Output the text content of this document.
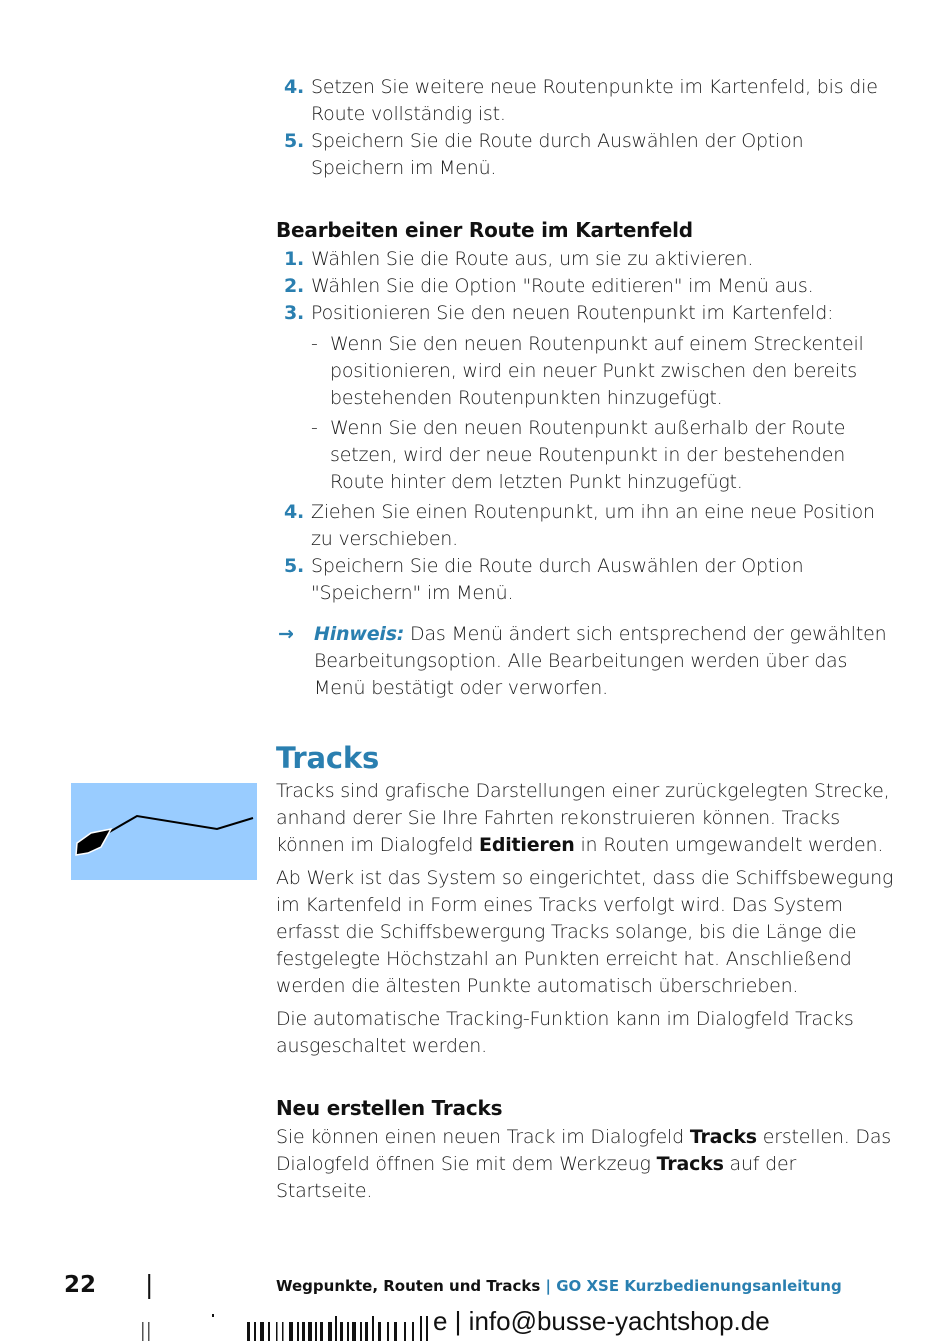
4. Setzen Sie weitere neue Routenpunkte im Kartenfeld, bis die Route vollständig ist.
5. Speichern Sie die Route durch Auswählen der Option Speichern im Menü.
Bearbeiten einer Route im Kartenfeld
1. Wählen Sie die Route aus, um sie zu aktivieren.
2. Wählen Sie die Option "Route editieren" im Menü aus.
3. Positionieren Sie den neuen Routenpunkt im Kartenfeld:
- Wenn Sie den neuen Routenpunkt auf einem Streckenteil positionieren, wird ein neuer Punkt zwischen den bereits bestehenden Routenpunkten hinzugefügt.
- Wenn Sie den neuen Routenpunkt außerhalb der Route setzen, wird der neue Routenpunkt in der bestehenden Route hinter dem letzten Punkt hinzugefügt.
4. Ziehen Sie einen Routenpunkt, um ihn an eine neue Position zu verschieben.
5. Speichern Sie die Route durch Auswählen der Option "Speichern" im Menü.
→ Hinweis: Das Menü ändert sich entsprechend der gewählten Bearbeitungsoption. Alle Bearbeitungen werden über das Menü bestätigt oder verworfen.
Tracks

Tracks sind grafische Darstellungen einer zurückgelegten Strecke, anhand derer Sie Ihre Fahrten rekonstruieren können. Tracks können im Dialogfeld Editieren in Routen umgewandelt werden.

Ab Werk ist das System so eingerichtet, dass die Schiffsbewegung im Kartenfeld in Form eines Tracks verfolgt wird. Das System erfasst die Schiffsbewergung Tracks solange, bis die Länge die festgelegte Höchstzahl an Punkten erreicht hat. Anschließend werden die ältesten Punkte automatisch überschrieben.

Die automatische Tracking-Funktion kann im Dialogfeld Tracks ausgeschaltet werden.

Neu erstellen Tracks

Sie können einen neuen Track im Dialogfeld Tracks erstellen. Das Dialogfeld öffnen Sie mit dem Werkzeug Tracks auf der Startseite.

22 |	Wegpunkte, Routen und Tracks | GO XSE Kurzbedienungsanleitung
e | info@busse-yachtshop.de
